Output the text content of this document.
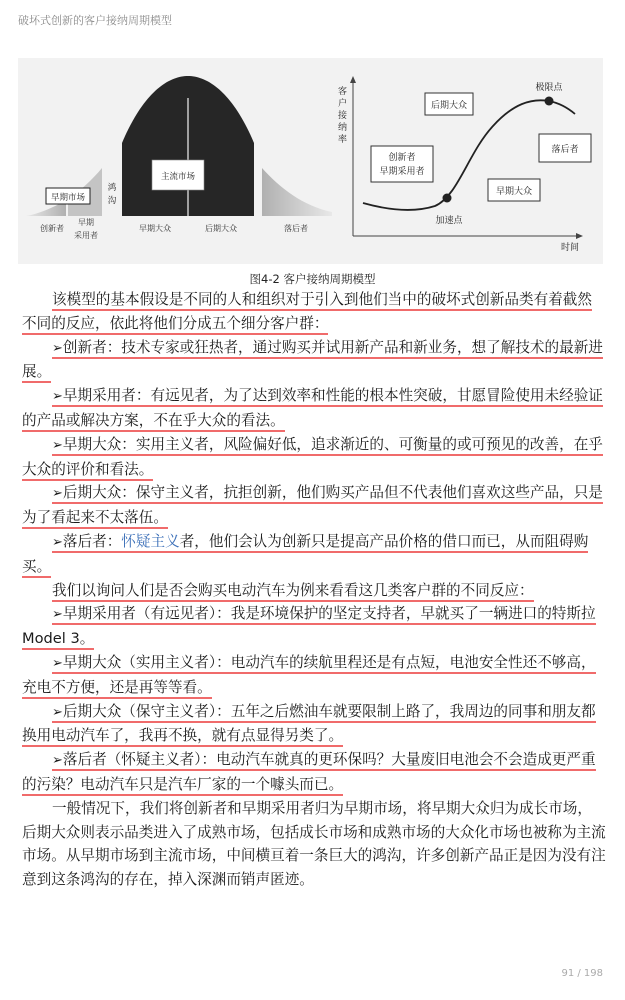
破坏式创新的客户接纳周期模型
早期市场
鸿
沟
主流市场
创新者
早期
采用者
早期大众	后期大众	落后者
客
户
接
纳
率
时间
加速点
极限点
后期大众
创新者
早期采用者
早期大众
落后者
图4-2 客户接纳周期模型

该模型的基本假设是不同的人和组织对于引入到他们当中的破坏式创新品类有着截然不同的反应，依此将他们分成五个细分客户群：

➢创新者：技术专家或狂热者，通过购买并试用新产品和新业务，想了解技术的最新进展。

➢早期采用者：有远见者，为了达到效率和性能的根本性突破，甘愿冒险使用未经验证的产品或解决方案，不在乎大众的看法。

➢早期大众：实用主义者，风险偏好低，追求渐近的、可衡量的或可预见的改善，在乎大众的评价和看法。

➢后期大众：保守主义者，抗拒创新，他们购买产品但不代表他们喜欢这些产品，只是为了看起来不太落伍。

➢落后者：怀疑主义者，他们会认为创新只是提高产品价格的借口而已，从而阻碍购买。

我们以询问人们是否会购买电动汽车为例来看看这几类客户群的不同反应：

➢早期采用者（有远见者）：我是环境保护的坚定支持者，早就买了一辆进口的特斯拉Model 3。

➢早期大众（实用主义者）：电动汽车的续航里程还是有点短，电池安全性还不够高，充电不方便，还是再等等看。

➢后期大众（保守主义者）：五年之后燃油车就要限制上路了，我周边的同事和朋友都换用电动汽车了，我再不换，就有点显得另类了。

➢落后者（怀疑主义者）：电动汽车就真的更环保吗？大量废旧电池会不会造成更严重的污染？电动汽车只是汽车厂家的一个噱头而已。

一般情况下，我们将创新者和早期采用者归为早期市场，将早期大众归为成长市场，后期大众则表示品类进入了成熟市场，包括成长市场和成熟市场的大众化市场也被称为主流市场。从早期市场到主流市场，中间横亘着一条巨大的鸿沟，许多创新产品正是因为没有注意到这条鸿沟的存在，掉入深渊而销声匿迹。

91 / 198
